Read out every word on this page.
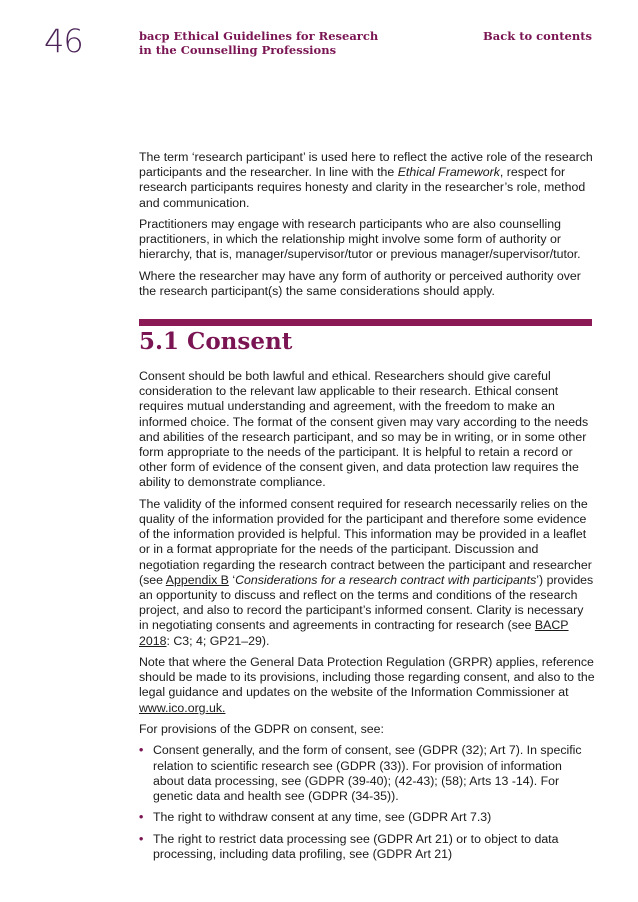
46	bacp Ethical Guidelines for Research
in the Counselling Professions
Back to contents

The term ‘research participant’ is used here to reflect the active role of the research participants and the researcher. In line with the Ethical Framework, respect for research participants requires honesty and clarity in the researcher’s role, method and communication.

Practitioners may engage with research participants who are also counselling practitioners, in which the relationship might involve some form of authority or hierarchy, that is, manager/supervisor/tutor or previous manager/supervisor/tutor.

Where the researcher may have any form of authority or perceived authority over the research participant(s) the same considerations should apply.

5.1 Consent

Consent should be both lawful and ethical. Researchers should give careful consideration to the relevant law applicable to their research. Ethical consent requires mutual understanding and agreement, with the freedom to make an informed choice. The format of the consent given may vary according to the needs and abilities of the research participant, and so may be in writing, or in some other form appropriate to the needs of the participant. It is helpful to retain a record or other form of evidence of the consent given, and data protection law requires the ability to demonstrate compliance.

The validity of the informed consent required for research necessarily relies on the quality of the information provided for the participant and therefore some evidence of the information provided is helpful. This information may be provided in a leaflet or in a format appropriate for the needs of the participant. Discussion and negotiation regarding the research contract between the participant and researcher (see Appendix B ‘Considerations for a research contract with participants’) provides an opportunity to discuss and reflect on the terms and conditions of the research project, and also to record the participant’s informed consent. Clarity is necessary in negotiating consents and agreements in contracting for research (see BACP 2018: C3; 4; GP21–29).

Note that where the General Data Protection Regulation (GRPR) applies, reference should be made to its provisions, including those regarding consent, and also to the legal guidance and updates on the website of the Information Commissioner at www.ico.org.uk.

For provisions of the GDPR on consent, see:

• Consent generally, and the form of consent, see (GDPR (32); Art 7). In specific relation to scientific research see (GDPR (33)). For provision of information about data processing, see (GDPR (39-40); (42-43); (58); Arts 13 -14). For genetic data and health see (GDPR (34-35)).
• The right to withdraw consent at any time, see (GDPR Art 7.3)
• The right to restrict data processing see (GDPR Art 21) or to object to data processing, including data profiling, see (GDPR Art 21)
